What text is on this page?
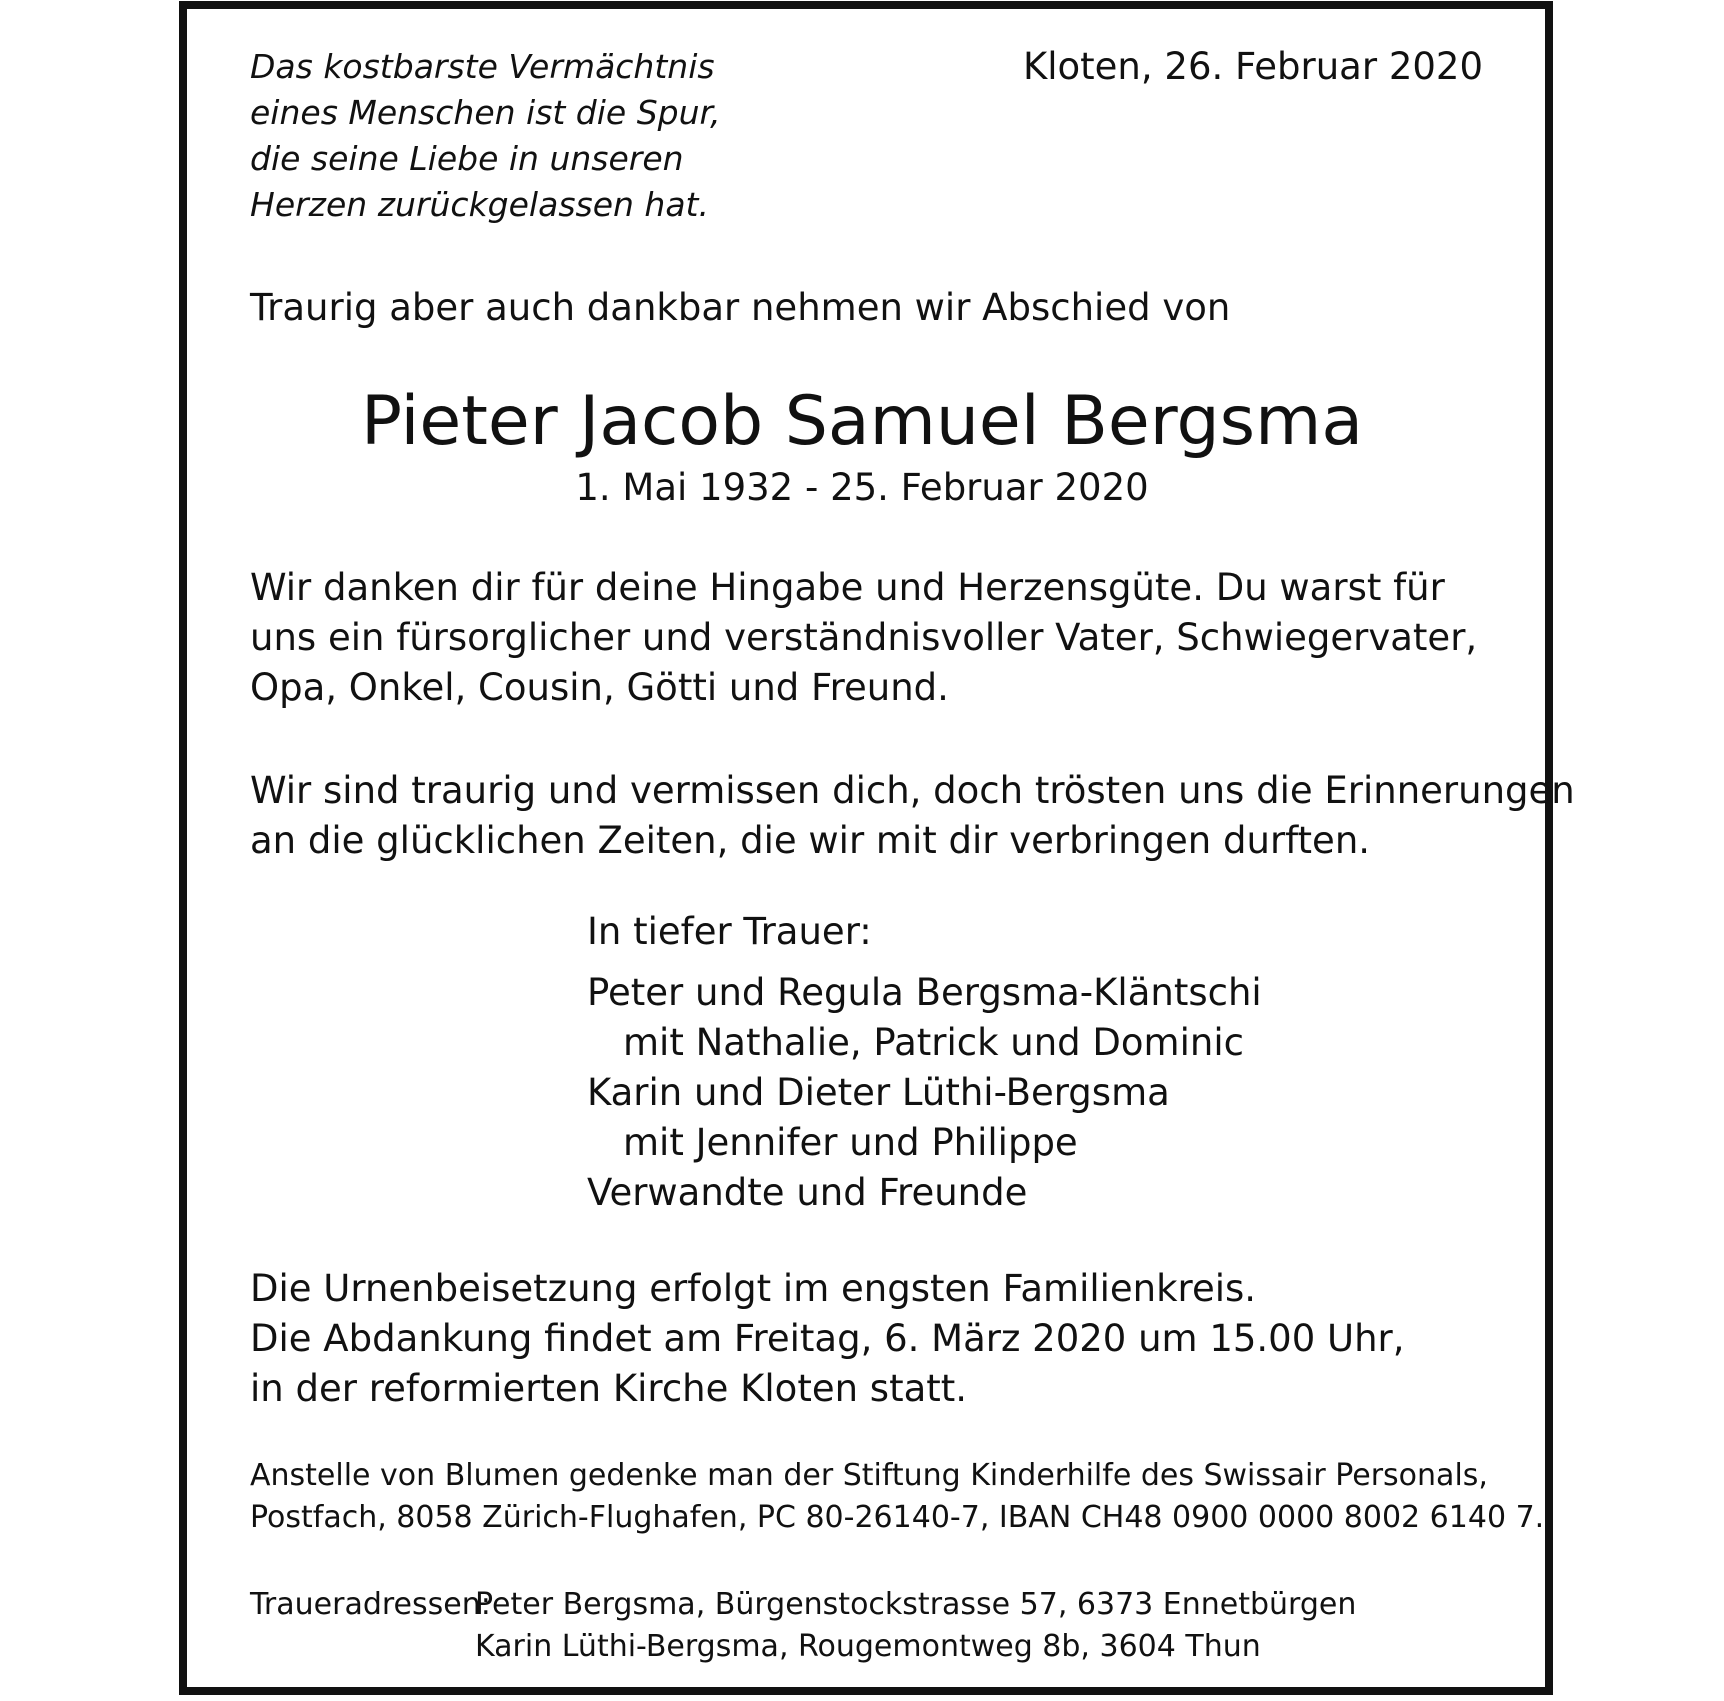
Das kostbarste Vermächtnis
eines Menschen ist die Spur,
die seine Liebe in unseren
Herzen zurückgelassen hat.
Kloten, 26. Februar 2020
Traurig aber auch dankbar nehmen wir Abschied von
Pieter Jacob Samuel Bergsma
1. Mai 1932 - 25. Februar 2020
Wir danken dir für deine Hingabe und Herzensgüte. Du warst für
uns ein fürsorglicher und verständnisvoller Vater, Schwiegervater,
Opa, Onkel, Cousin, Götti und Freund.
Wir sind traurig und vermissen dich, doch trösten uns die Erinnerungen
an die glücklichen Zeiten, die wir mit dir verbringen durften.
In tiefer Trauer:
Peter und Regula Bergsma-Kläntschi
mit Nathalie, Patrick und Dominic
Karin und Dieter Lüthi-Bergsma
mit Jennifer und Philippe
Verwandte und Freunde
Die Urnenbeisetzung erfolgt im engsten Familienkreis.
Die Abdankung findet am Freitag, 6. März 2020 um 15.00 Uhr,
in der reformierten Kirche Kloten statt.
Anstelle von Blumen gedenke man der Stiftung Kinderhilfe des Swissair Personals,
Postfach, 8058 Zürich-Flughafen, PC 80-26140-7, IBAN CH48 0900 0000 8002 6140 7.
Traueradressen:
Peter Bergsma, Bürgenstockstrasse 57, 6373 Ennetbürgen
Karin Lüthi-Bergsma, Rougemontweg 8b, 3604 Thun
